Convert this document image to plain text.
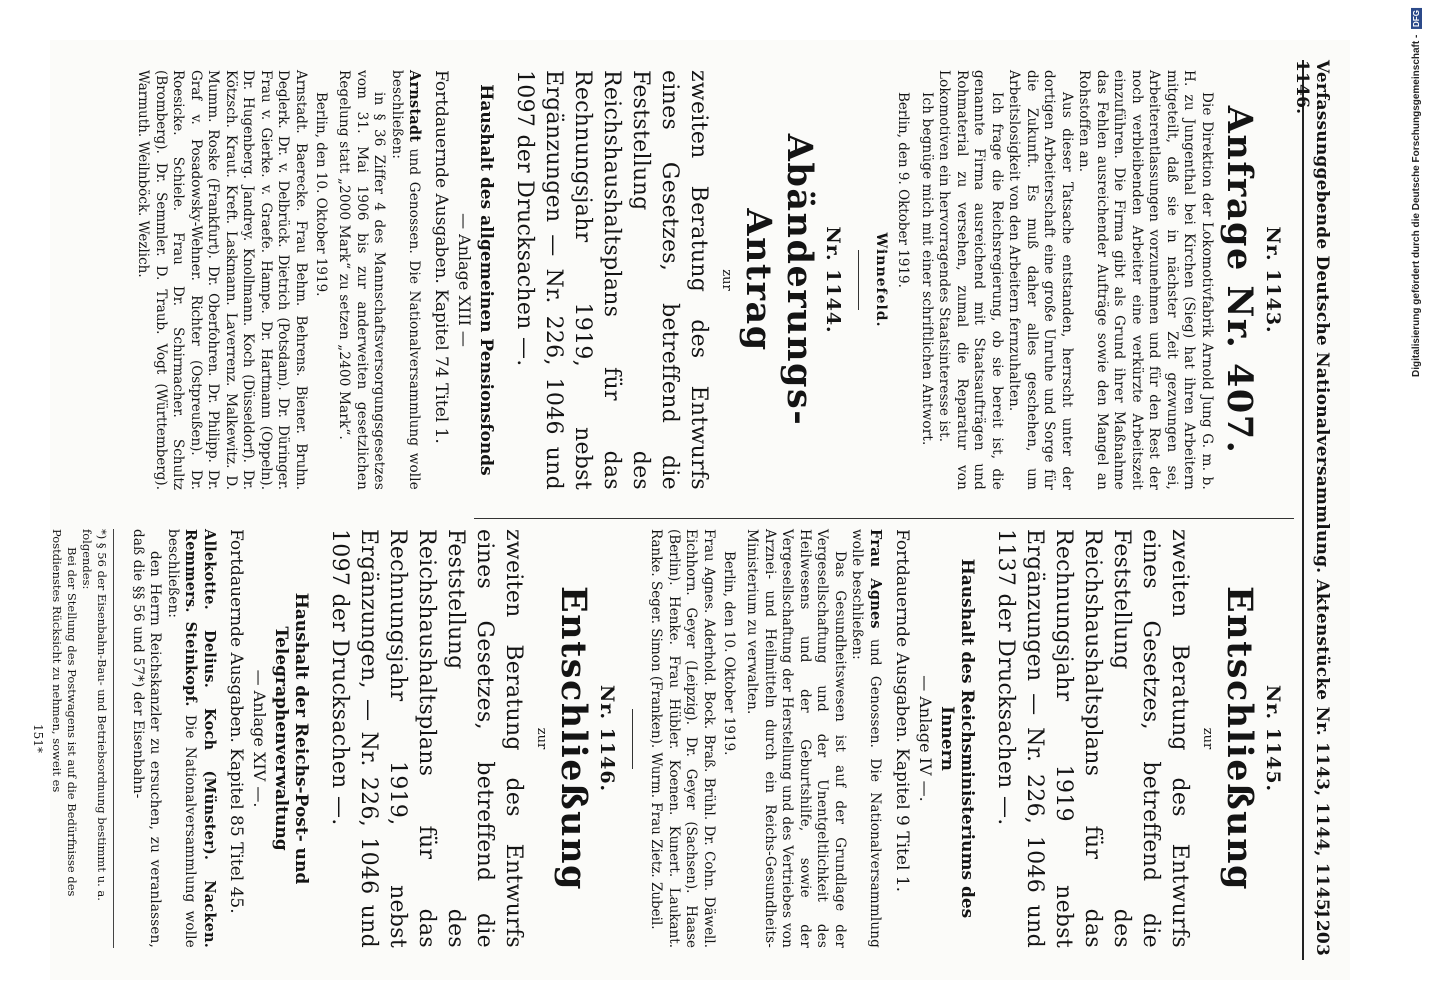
Verfassunggebende Deutsche Nationalversammlung. Aktenstücke Nr. 1143, 1144, 1145, 1146.
1203
Nr. 1143.
Anfrage Nr. 407.
Die Direktion der Lokomotivfabrik Arnold Jung G. m. b. H. zu Jungenthal bei Kirchen (Sieg) hat ihren Arbeitern mitgeteilt, daß sie in nächster Zeit gezwungen sei, Arbeiterentlassungen vorzunehmen und für den Rest der noch verbleibenden Arbeiter eine verkürzte Arbeitszeit einzuführen. Die Firma gibt als Grund ihrer Maßnahme das Fehlen ausreichender Aufträge sowie den Mangel an Rohstoffen an.
Aus dieser Tatsache entstanden, herrscht unter der dortigen Arbeiterschaft eine große Unruhe und Sorge für die Zukunft. Es muß daher alles geschehen, um Arbeitslosigkeit von den Arbeitern fernzuhalten.
Ich frage die Reichsregierung, ob sie bereit ist, die genannte Firma ausreichend mit Staatsaufträgen und Rohmaterial zu versehen, zumal die Reparatur von Lokomotiven ein hervorragendes Staatsinteresse ist.
Ich begnüge mich mit einer schriftlichen Antwort.
Berlin, den 9. Oktober 1919.
Winnefeld.
Nr. 1144.
Abänderungs-Antrag
zur
zweiten Beratung des Entwurfs eines Gesetzes, betreffend die Feststellung des Reichshaushaltsplans für das Rechnungsjahr 1919, nebst Ergänzungen — Nr. 226, 1046 und 1097 der Drucksachen —.
Haushalt des allgemeinen Pensionsfonds
— Anlage XIII —
Fortdauernde Ausgaben. Kapitel 74 Titel 1.
Arnstadt und Genossen. Die Nationalversammlung wolle beschließen:
in § 36 Ziffer 4 des Mannschaftsversorgungsgesetzes vom 31. Mai 1906 bis zur anderweiten gesetzlichen Regelung statt „2000 Mark“ zu setzen „2400 Mark“.
Berlin, den 10. Oktober 1919.
Arnstadt. Baerecke. Frau Behm. Behrens. Biener. Bruhn. Deglerk. Dr. v. Delbrück. Dietrich (Potsdam). Dr. Düringer. Frau v. Gierke. v. Graefe. Hampe. Dr. Hartmann (Oppeln). Dr. Hugenberg. Jandrey. Knollmann. Koch (Düsseldorf). Dr. Kötzsch. Kraut. Kreft. Laskmann. Laverrenz. Malkewitz. D. Mumm. Roske (Frankfurt). Dr. Oberfohren. Dr. Philipp. Dr. Graf v. Posadowsky-Wehner. Richter (Ostpreußen). Dr. Roesicke. Schiele. Frau Dr. Schirmacher. Schultz (Bromberg). Dr. Semmler. D. Traub. Vogt (Württemberg). Warmuth. Weilnböck. Wezlich.
Nr. 1145.
Entschließung
zur
zweiten Beratung des Entwurfs eines Gesetzes, betreffend die Feststellung des Reichshaushaltsplans für das Rechnungsjahr 1919 nebst Ergänzungen — Nr. 226, 1046 und 1137 der Drucksachen —.
Haushalt des Reichsministeriums des Innern
— Anlage IV —.
Fortdauernde Ausgaben. Kapitel 9 Titel 1.
Frau Agnes und Genossen. Die Nationalversammlung wolle beschließen:
Das Gesundheitswesen ist auf der Grundlage der Vergesellschaftung und der Unentgeltlichkeit des Heilwesens und der Geburtshilfe, sowie der Vergesellschaftung der Herstellung und des Vertriebes von Arznei- und Heilmitteln durch ein Reichs-Gesundheits-Ministerium zu verwalten.
Berlin, den 10. Oktober 1919.
Frau Agnes. Aderhold. Bock. Braß. Brühl. Dr. Cohn. Däwell. Eichhorn. Geyer (Leipzig). Dr. Geyer (Sachsen). Haase (Berlin). Henke. Frau Hübler. Koenen. Kunert. Laukant. Ranke. Seger. Simon (Franken). Wurm. Frau Zietz. Zubeil.
Nr. 1146.
Entschließung
zur
zweiten Beratung des Entwurfs eines Gesetzes, betreffend die Feststellung des Reichshaushaltsplans für das Rechnungsjahr 1919, nebst Ergänzungen, — Nr. 226, 1046 und 1097 der Drucksachen —.
Haushalt der Reichs-Post- und Telegraphenverwaltung
— Anlage XIV —.
Fortdauernde Ausgaben. Kapitel 85 Titel 45.
Allekotte. Delius. Koch (Münster). Nacken. Remmers. Steinkopf. Die Nationalversammlung wolle beschließen:
den Herrn Reichskanzler zu ersuchen, zu veranlassen, daß die §§ 56 und 57*) der Eisenbahn-
*) § 56 der Eisenbahn-Bau- und Betriebsordnung bestimmt u. a. folgendes:
Bei der Stellung des Postwagens ist auf die Bedürfnisse des Postdienstes Rücksicht zu nehmen, soweit es
151*
Digitalisierung gefördert durch die Deutsche Forschungsgemeinschaft - DFG
